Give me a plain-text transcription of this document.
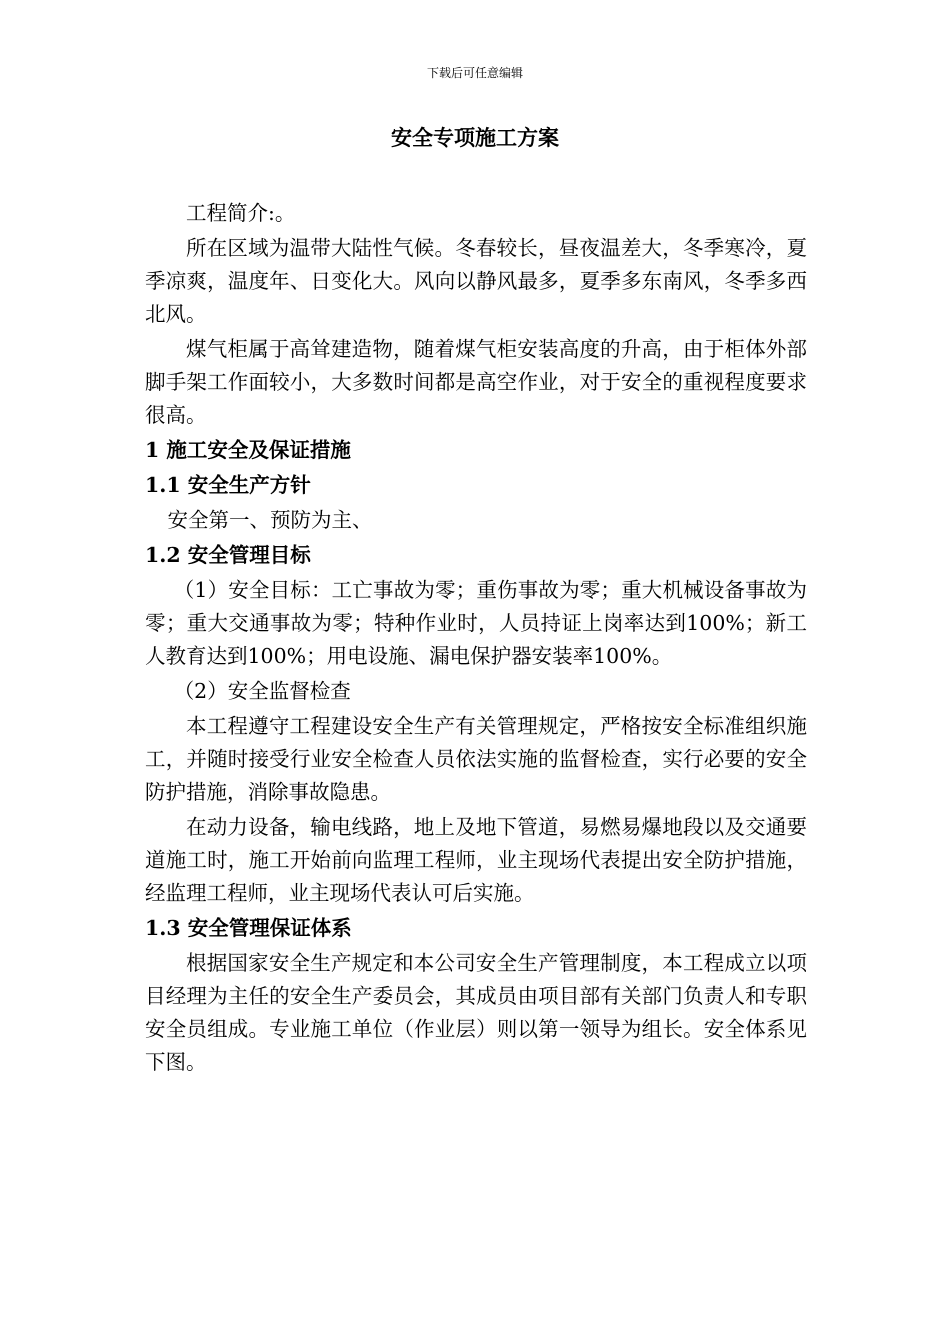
下载后可任意编辑
安全专项施工方案

工程简介:。

所在区域为温带大陆性气候。冬春较长，昼夜温差大，冬季寒冷，夏季凉爽，温度年、日变化大。风向以静风最多，夏季多东南风，冬季多西北风。

煤气柜属于高耸建造物，随着煤气柜安装高度的升高，由于柜体外部脚手架工作面较小，大多数时间都是高空作业，对于安全的重视程度要求很高。

1 施工安全及保证措施
1.1 安全生产方针

安全第一、预防为主、

1.2 安全管理目标

（1）安全目标：工亡事故为零；重伤事故为零；重大机械设备事故为零；重大交通事故为零；特种作业时，人员持证上岗率达到100%；新工人教育达到100%；用电设施、漏电保护器安装率100%。

（2）安全监督检查

本工程遵守工程建设安全生产有关管理规定，严格按安全标准组织施工，并随时接受行业安全检查人员依法实施的监督检查，实行必要的安全防护措施，消除事故隐患。

在动力设备，输电线路，地上及地下管道，易燃易爆地段以及交通要道施工时，施工开始前向监理工程师，业主现场代表提出安全防护措施，经监理工程师，业主现场代表认可后实施。

1.3 安全管理保证体系

根据国家安全生产规定和本公司安全生产管理制度，本工程成立以项目经理为主任的安全生产委员会，其成员由项目部有关部门负责人和专职安全员组成。专业施工单位（作业层）则以第一领导为组长。安全体系见下图。
